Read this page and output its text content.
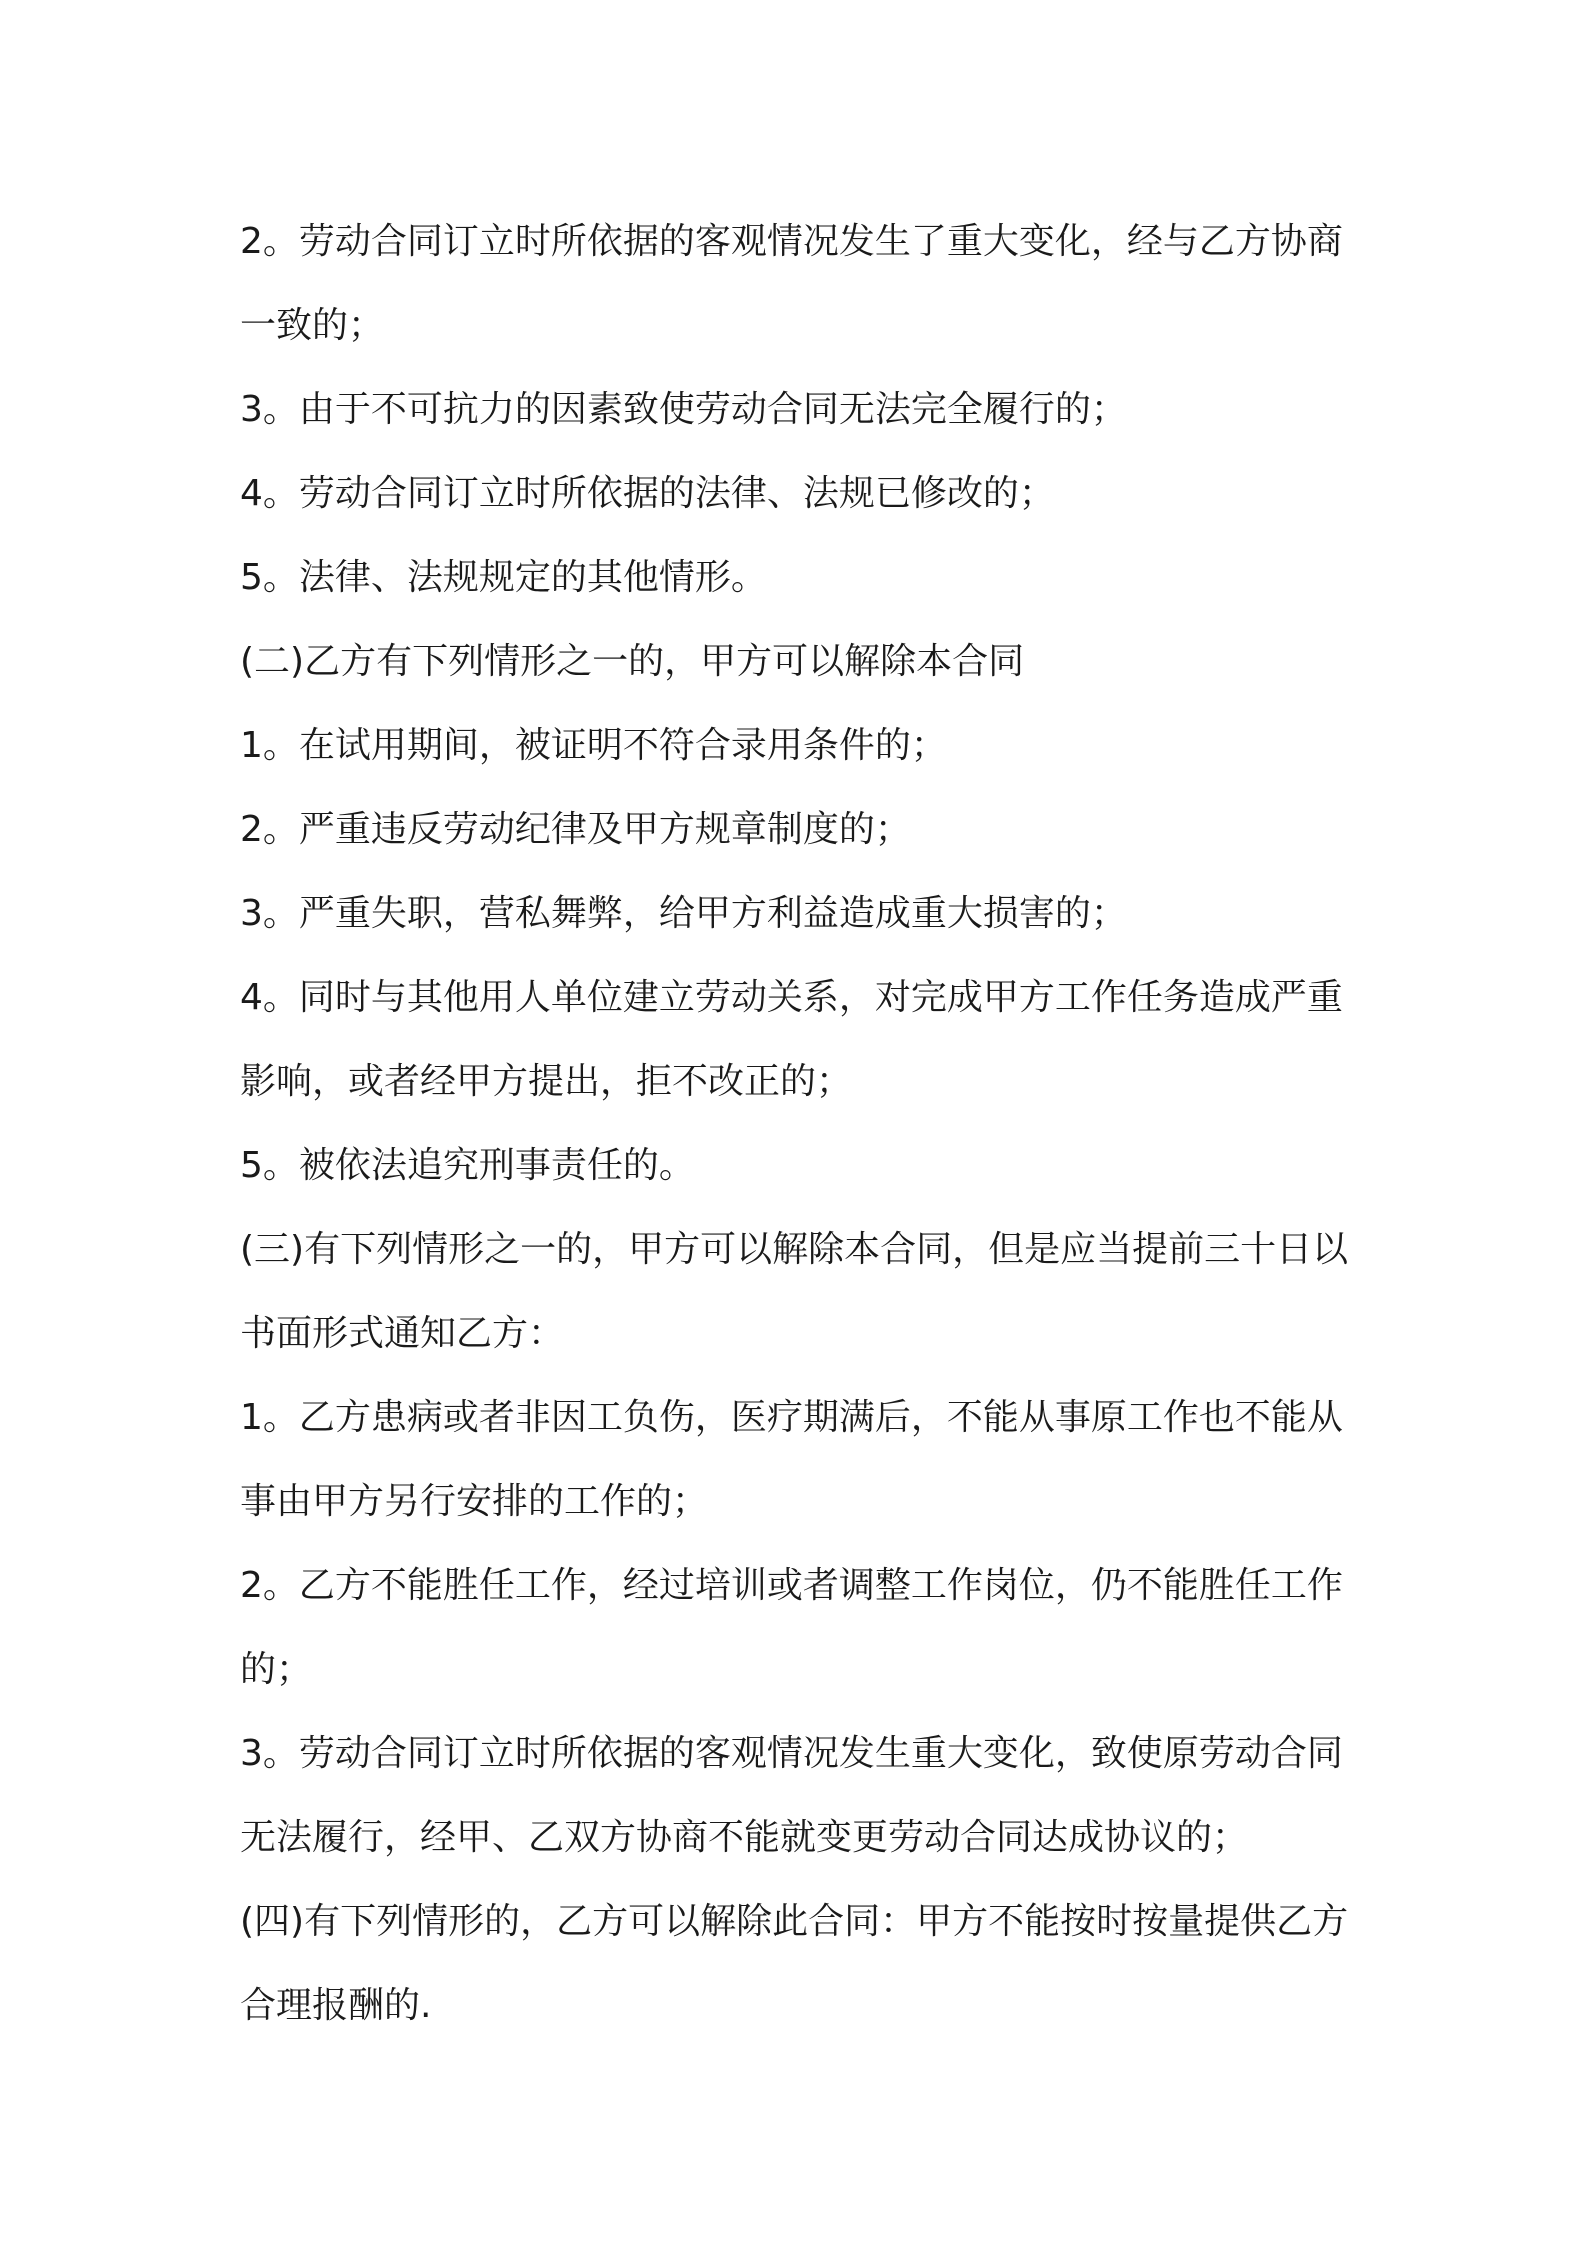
2。劳动合同订立时所依据的客观情况发生了重大变化，经与乙方协商一致的；

3。由于不可抗力的因素致使劳动合同无法完全履行的；

4。劳动合同订立时所依据的法律、法规已修改的；

5。法律、法规规定的其他情形。

(二)乙方有下列情形之一的，甲方可以解除本合同

1。在试用期间，被证明不符合录用条件的；

2。严重违反劳动纪律及甲方规章制度的；

3。严重失职，营私舞弊，给甲方利益造成重大损害的；

4。同时与其他用人单位建立劳动关系，对完成甲方工作任务造成严重影响，或者经甲方提出，拒不改正的；

5。被依法追究刑事责任的。

(三)有下列情形之一的，甲方可以解除本合同，但是应当提前三十日以书面形式通知乙方：

1。乙方患病或者非因工负伤，医疗期满后，不能从事原工作也不能从事由甲方另行安排的工作的；

2。乙方不能胜任工作，经过培训或者调整工作岗位，仍不能胜任工作的；

3。劳动合同订立时所依据的客观情况发生重大变化，致使原劳动合同无法履行，经甲、乙双方协商不能就变更劳动合同达成协议的；

(四)有下列情形的，乙方可以解除此合同：甲方不能按时按量提供乙方合理报酬的.
